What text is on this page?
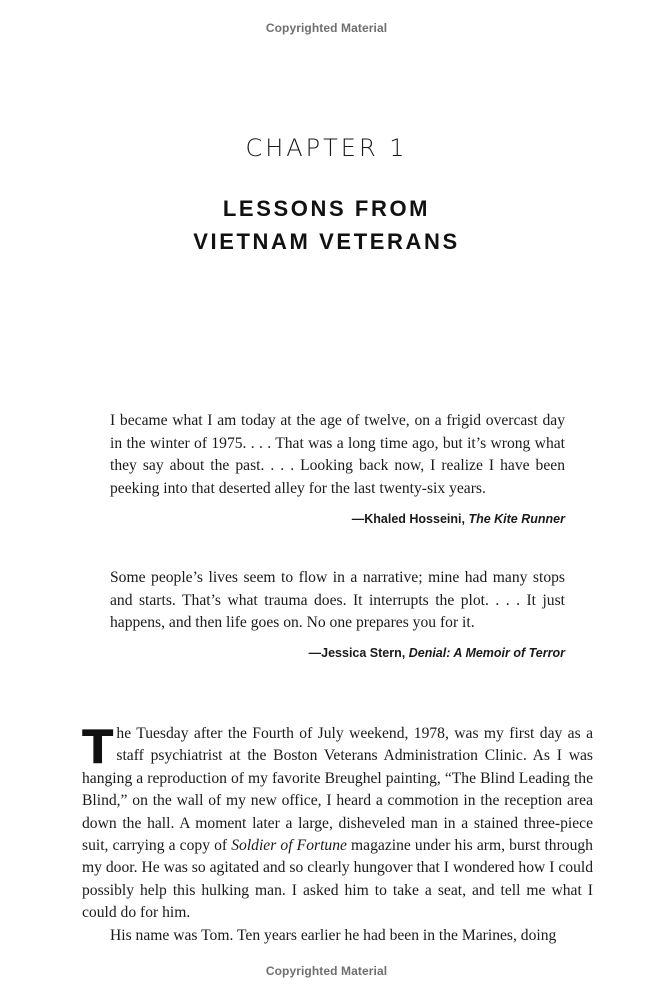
Copyrighted Material
CHAPTER 1
LESSONS FROM
VIETNAM VETERANS

I became what I am today at the age of twelve, on a frigid overcast day in the winter of 1975. . . . That was a long time ago, but it’s wrong what they say about the past. . . . Looking back now, I realize I have been peeking into that deserted alley for the last twenty-six years.

—Khaled Hosseini, The Kite Runner

Some people’s lives seem to flow in a narrative; mine had many stops and starts. That’s what trauma does. It interrupts the plot. . . . It just happens, and then life goes on. No one prepares you for it.

—Jessica Stern, Denial: A Memoir of Terror

The Tuesday after the Fourth of July weekend, 1978, was my first day as a staff psychiatrist at the Boston Veterans Administration Clinic. As I was hanging a reproduction of my favorite Breughel painting, “The Blind Leading the Blind,” on the wall of my new office, I heard a commotion in the reception area down the hall. A moment later a large, disheveled man in a stained three-piece suit, carrying a copy of Soldier of Fortune magazine under his arm, burst through my door. He was so agitated and so clearly hungover that I wondered how I could possibly help this hulking man. I asked him to take a seat, and tell me what I could do for him.

His name was Tom. Ten years earlier he had been in the Marines, doing

Copyrighted Material
